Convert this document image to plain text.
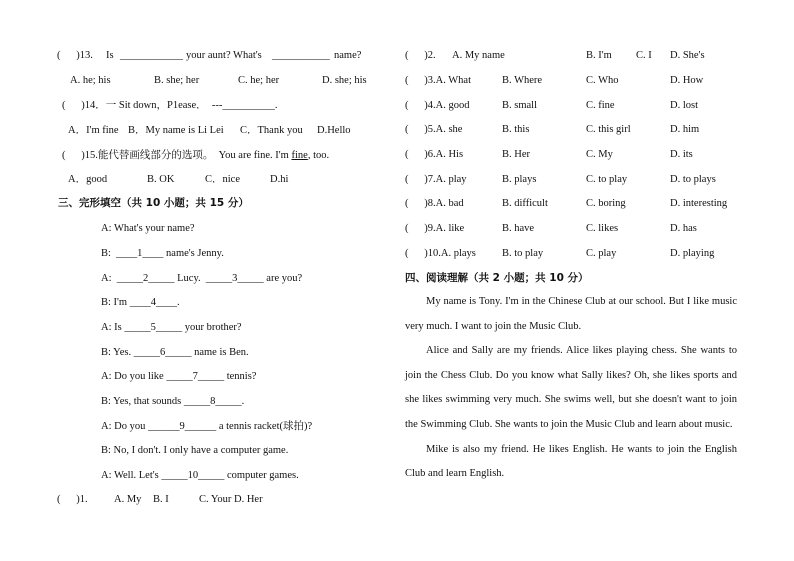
(      )13. Is ____________ your aunt? What's ___________ name?
A. he; his	B. she; her	C. he; her	D. she; his
(      )14．一 Sit down，P1ease．  ---__________.
A．I'm fine B．My name is Li Lei C．Thank you D.Hello
(      )15.能代替画线部分的选项。 You are fine. I'm fine, too.
A．good	B. OK	C．nice	D.hi
三、完形填空（共 10 小题；共 15 分）
A: What's your name?
B: ____1____ name's Jenny.
A: _____2_____ Lucy.  _____3_____ are you?
B: I'm ____4____.
A: Is _____5_____ your brother?
B: Yes. _____6_____ name is Ben.
A: Do you like _____7_____ tennis?
B: Yes, that sounds _____8_____.
A: Do you ______9______ a tennis racket(球拍)?
B: No, I don't. I only have a computer game.
A: Well. Let's _____10_____ computer games.
(      )1.	A. My B. I	C. Your D. Her
(      )2. A. My name	B. I'm C. I D. She's
(      )3.A. What	B. Where	C. Who	D. How
(      )4.A. good	B. small	C. fine	D. lost
(      )5.A. she	B. this	C. this girl	D. him
(      )6.A. His	B. Her	C. My	D. its
(      )7.A. play	B. plays	C. to play	D. to plays
(      )8.A. bad	B. difficult	C. boring	D. interesting
(      )9.A. like	B. have	C. likes	D. has
(      )10.A. plays B. to play	C. play	D. playing
四、阅读理解（共 2 小题；共 10 分）

My name is Tony. I'm in the Chinese Club at our school. But I like music very much. I want to join the Music Club.

Alice and Sally are my friends. Alice likes playing chess. She wants to join the Chess Club. Do you know what Sally likes? Oh, she likes sports and she likes swimming very much. She swims well, but she doesn't want to join the Swimming Club. She wants to join the Music Club and learn about music.

Mike is also my friend. He likes English. He wants to join the English Club and learn English.
